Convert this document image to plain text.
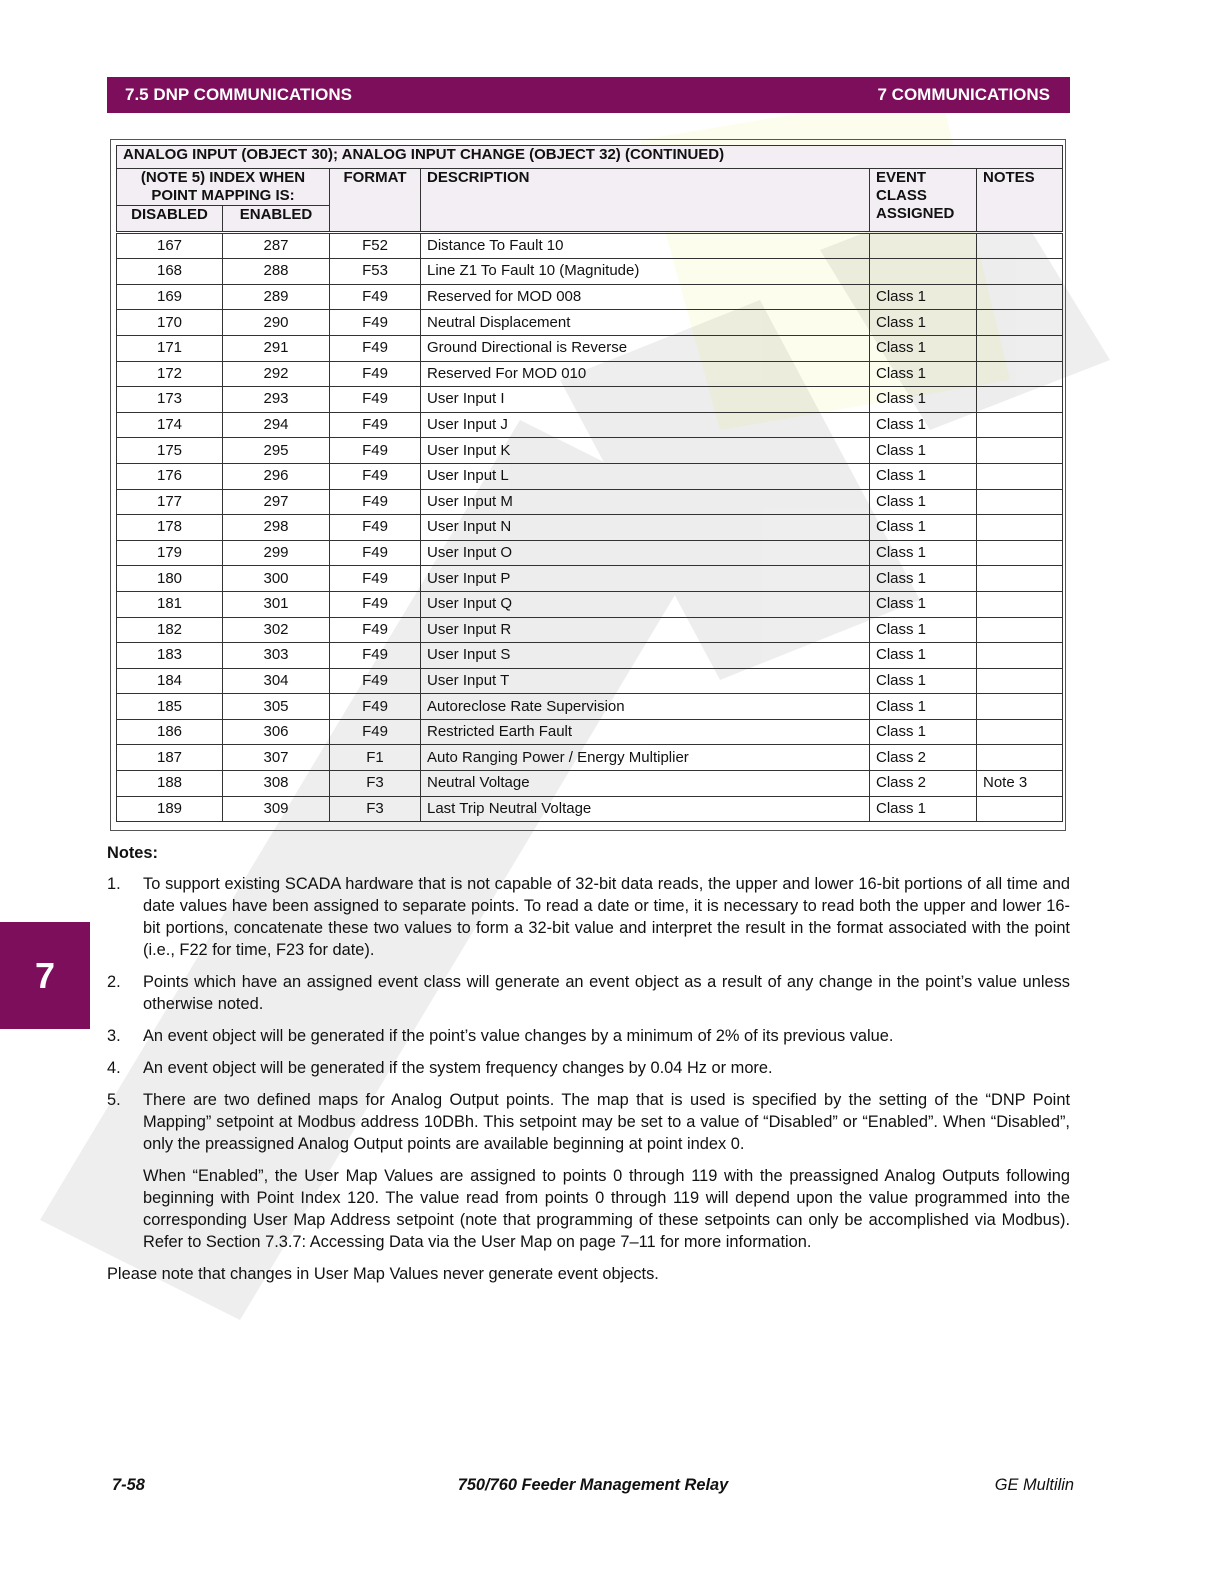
7.5 DNP COMMUNICATIONS	7 COMMUNICATIONS
7
ANALOG INPUT (OBJECT 30); ANALOG INPUT CHANGE (OBJECT 32) (CONTINUED)					
(NOTE 5) INDEX WHEN POINT MAPPING IS:		FORMAT	DESCRIPTION	EVENT CLASS ASSIGNED	NOTES
DISABLED	ENABLED				
167	287	F52	Distance To Fault 10		
168	288	F53	Line Z1 To Fault 10 (Magnitude)		
169	289	F49	Reserved for MOD 008	Class 1	
170	290	F49	Neutral Displacement	Class 1	
171	291	F49	Ground Directional is Reverse	Class 1	
172	292	F49	Reserved For MOD 010	Class 1	
173	293	F49	User Input I	Class 1	
174	294	F49	User Input J	Class 1	
175	295	F49	User Input K	Class 1	
176	296	F49	User Input L	Class 1	
177	297	F49	User Input M	Class 1	
178	298	F49	User Input N	Class 1	
179	299	F49	User Input O	Class 1	
180	300	F49	User Input P	Class 1	
181	301	F49	User Input Q	Class 1	
182	302	F49	User Input R	Class 1	
183	303	F49	User Input S	Class 1	
184	304	F49	User Input T	Class 1	
185	305	F49	Autoreclose Rate Supervision	Class 1	
186	306	F49	Restricted Earth Fault	Class 1	
187	307	F1	Auto Ranging Power / Energy Multiplier	Class 2	
188	308	F3	Neutral Voltage	Class 2	Note 3
189	309	F3	Last Trip Neutral Voltage	Class 1	
Notes:
1.	To support existing SCADA hardware that is not capable of 32-bit data reads, the upper and lower 16-bit portions of all time and date values have been assigned to separate points. To read a date or time, it is necessary to read both the upper and lower 16-bit portions, concatenate these two values to form a 32-bit value and interpret the result in the format associated with the point (i.e., F22 for time, F23 for date).
2.	Points which have an assigned event class will generate an event object as a result of any change in the point’s value unless otherwise noted.
3.	An event object will be generated if the point’s value changes by a minimum of 2% of its previous value.
4.	An event object will be generated if the system frequency changes by 0.04 Hz or more.
5.	There are two defined maps for Analog Output points. The map that is used is specified by the setting of the “DNP Point Mapping” setpoint at Modbus address 10DBh. This setpoint may be set to a value of “Disabled” or “Enabled”. When “Disabled”, only the preassigned Analog Output points are available beginning at point index 0.
When “Enabled”, the User Map Values are assigned to points 0 through 119 with the preassigned Analog Outputs following beginning with Point Index 120. The value read from points 0 through 119 will depend upon the value programmed into the corresponding User Map Address setpoint (note that programming of these setpoints can only be accomplished via Modbus). Refer to Section 7.3.7: Accessing Data via the User Map on page 7–11 for more information.
Please note that changes in User Map Values never generate event objects.
7-58	750/760 Feeder Management Relay	GE Multilin
